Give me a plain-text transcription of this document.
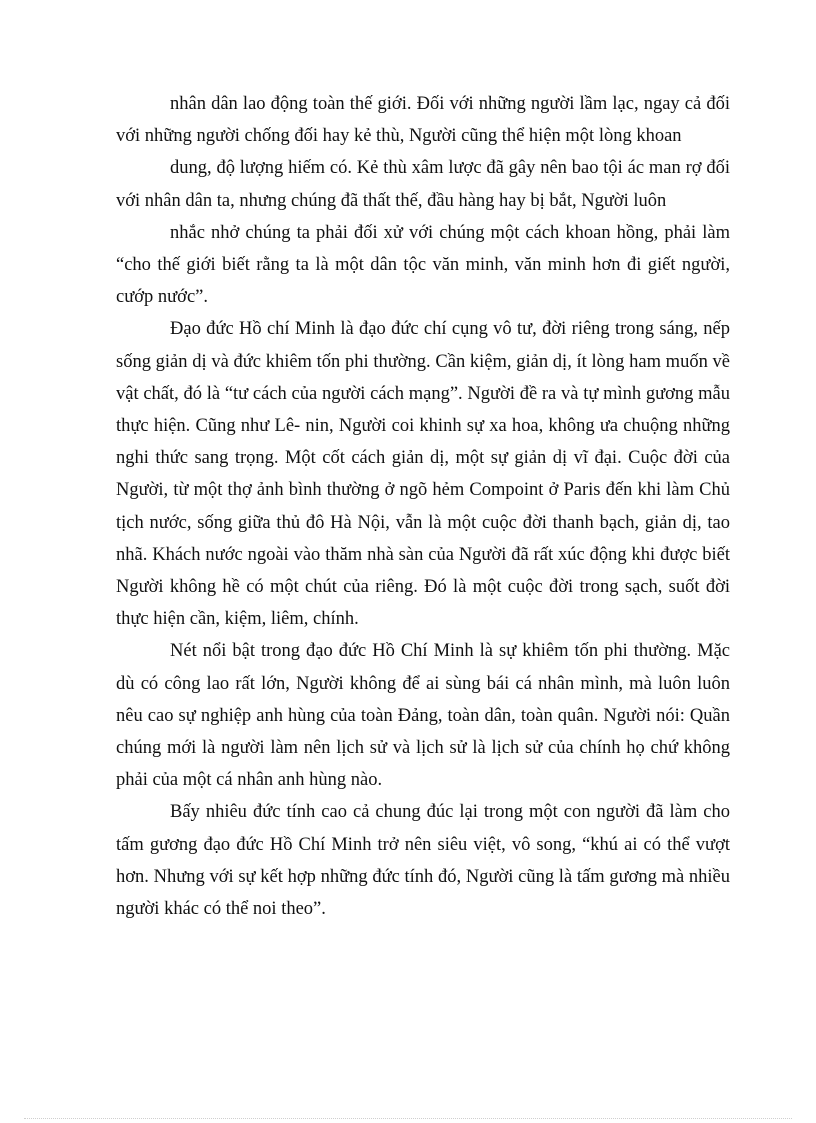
nhân dân lao động toàn thế giới. Đối với những người lầm lạc, ngay cả đối với những người chống đối hay kẻ thù, Người cũng thể hiện một lòng khoan

dung, độ lượng hiếm có. Kẻ thù xâm lược đã gây nên bao tội ác man rợ đối với nhân dân ta, nhưng chúng đã thất thế, đầu hàng hay bị bắt, Người luôn

nhắc nhở chúng ta phải đối xử với chúng một cách khoan hồng, phải làm “cho thế giới biết rằng ta là một dân tộc văn minh, văn minh hơn đi giết người, cướp nước”.

Đạo đức Hồ chí Minh là đạo đức chí cụng vô tư, đời riêng trong sáng, nếp sống giản dị và đức khiêm tốn phi thường. Cần kiệm, giản dị, ít lòng ham muốn về vật chất, đó là “tư cách của người cách mạng”. Người đề ra và tự mình gương mẫu thực hiện. Cũng như Lê- nin, Người coi khinh sự xa hoa, không ưa chuộng những nghi thức sang trọng. Một cốt cách giản dị, một sự giản dị vĩ đại. Cuộc đời của Người, từ một thợ ảnh bình thường ở ngõ hẻm Compoint ở Paris đến khi làm Chủ tịch nước, sống giữa thủ đô Hà Nội, vẫn là một cuộc đời thanh bạch, giản dị, tao nhã. Khách nước ngoài vào thăm nhà sàn của Người đã rất xúc động khi được biết Người không hề có một chút của riêng. Đó là một cuộc đời trong sạch, suốt đời thực hiện cần, kiệm, liêm, chính.

Nét nổi bật trong đạo đức Hồ Chí Minh là sự khiêm tốn phi thường. Mặc dù có công lao rất lớn, Người không để ai sùng bái cá nhân mình, mà luôn luôn nêu cao sự nghiệp anh hùng của toàn Đảng, toàn dân, toàn quân. Người nói: Quần chúng mới là người làm nên lịch sử và lịch sử là lịch sử của chính họ chứ không phải của một cá nhân anh hùng nào.

Bấy nhiêu đức tính cao cả chung đúc lại trong một con người đã làm cho tấm gương đạo đức Hồ Chí Minh trở nên siêu việt, vô song, “khú ai có thể vượt hơn. Nhưng với sự kết hợp những đức tính đó, Người cũng là tấm gương mà nhiều người khác có thể noi theo”.
